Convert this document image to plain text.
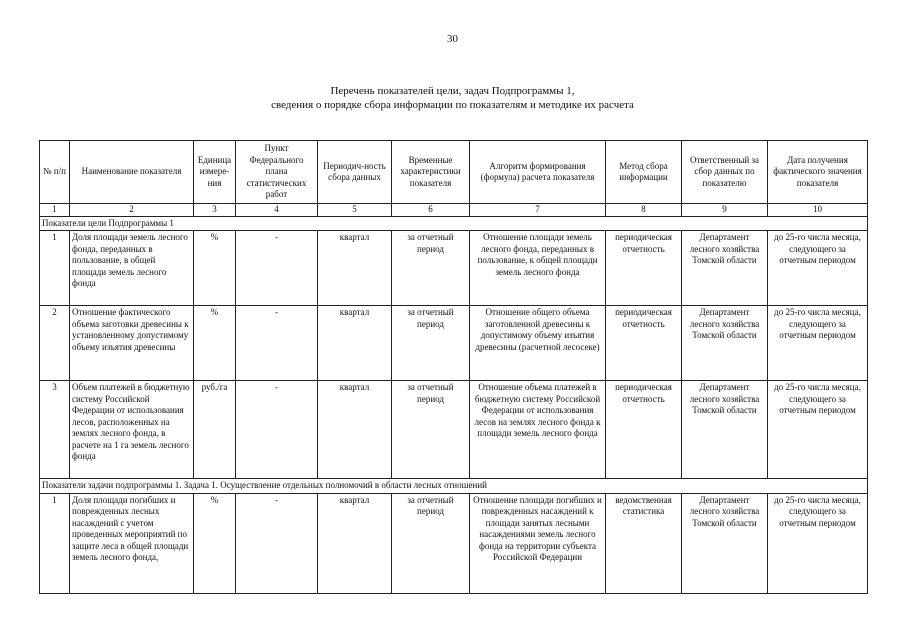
30
Перечень показателей цели, задач Подпрограммы 1,
сведения о порядке сбора информации по показателям и методике их расчета
№ п/п	Наименование показателя	Единица измере-ния	Пункт Федерального плана статистических работ	Периодич-ность сбора данных	Временные характеристики показателя	Алгоритм формирования (формула) расчета показателя	Метод сбора информации	Ответственный за сбор данных по показателю	Дата получения фактического значения показателя
1	2	3	4	5	6	7	8	9	10
Показатели цели Подпрограммы 1									
1	Доля площади земель лесного фонда, переданных в пользование, в общей площади земель лесного фонда	%	-	квартал	за отчетный период	Отношение площади земель лесного фонда, переданных в пользование, к общей площади земель лесного фонда	периодическая отчетность	Департамент лесного хозяйства Томской области	до 25-го числа месяца, следующего за отчетным периодом
2	Отношение фактического объема заготовки древесины к установленному допустимому объему изъятия древесины	%	-	квартал	за отчетный период	Отношение общего объема заготовленной древесины к допустимому объему изъятия древесины (расчетной лесосеке)	периодическая отчетность	Департамент лесного хозяйства Томской области	до 25-го числа месяца, следующего за отчетным периодом
3	Объем платежей в бюджетную систему Российской Федерации от использования лесов, расположенных на землях лесного фонда, в расчете на 1 га земель лесного фонда	руб./га	-	квартал	за отчетный период	Отношение объема платежей в бюджетную систему Российской Федерации от использования лесов на землях лесного фонда к площади земель лесного фонда	периодическая отчетность	Департамент лесного хозяйства Томской области	до 25-го числа месяца, следующего за отчетным периодом
Показатели задачи подпрограммы 1. Задача 1. Осуществление отдельных полномочий в области лесных отношений									
1	Доля площади погибших и поврежденных лесных насаждений с учетом проведенных мероприятий по защите леса в общей площади земель лесного фонда,	%	-	квартал	за отчетный период	Отношение площади погибших и поврежденных насаждений к площади занятых лесными насаждениями земель лесного фонда на территории субъекта Российской Федерации	ведомственная статистика	Департамент лесного хозяйства Томской области	до 25-го числа месяца, следующего за отчетным периодом
